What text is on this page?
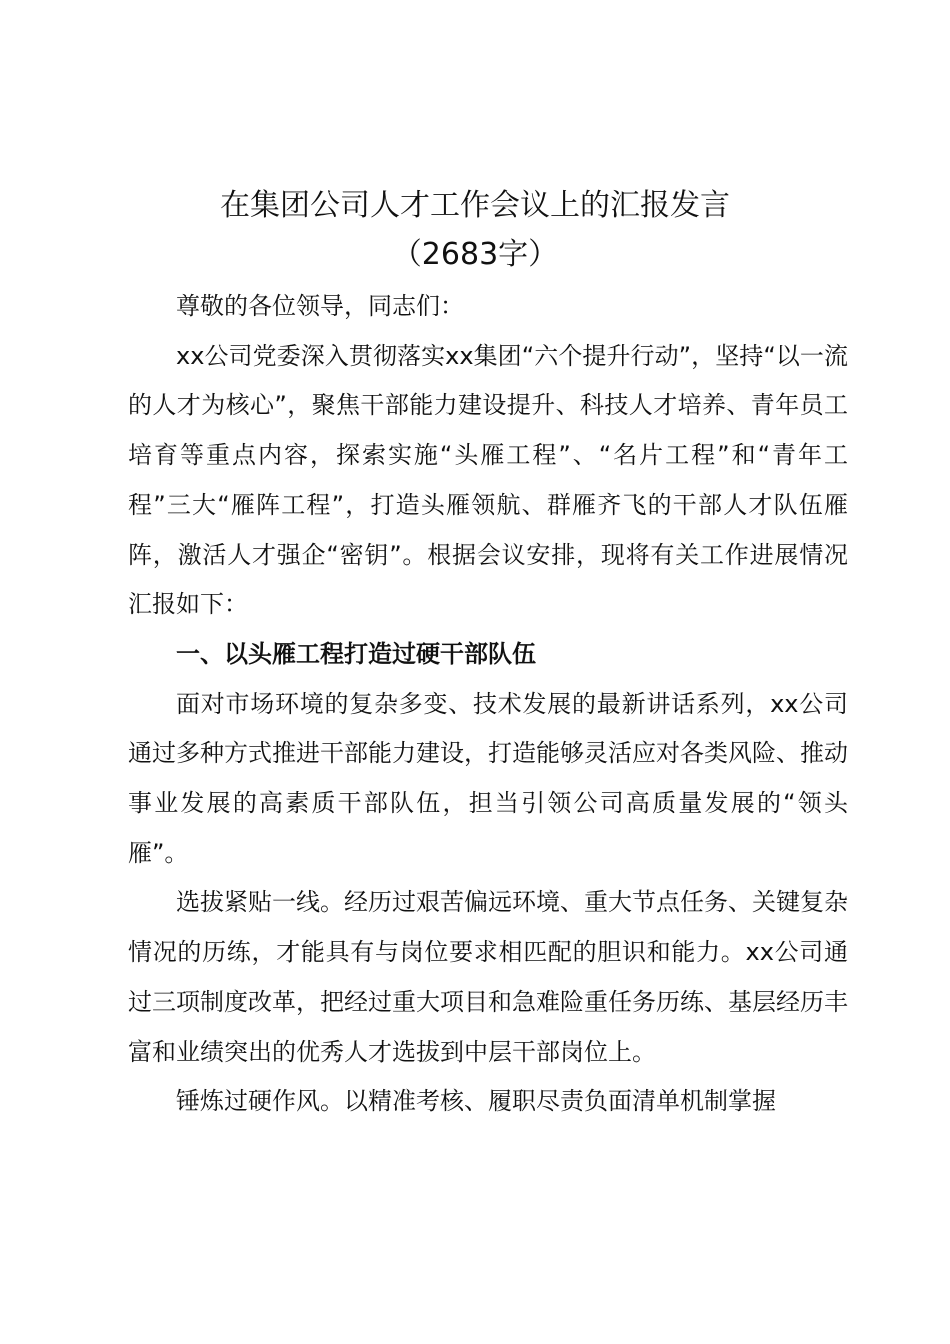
在集团公司人才工作会议上的汇报发言
（2683字）

尊敬的各位领导，同志们：

xx公司党委深入贯彻落实xx集团“六个提升行动”，坚持“以一流的人才为核心”，聚焦干部能力建设提升、科技人才培养、青年员工培育等重点内容，探索实施“头雁工程”、“名片工程”和“青年工程”三大“雁阵工程”，打造头雁领航、群雁齐飞的干部人才队伍雁阵，激活人才强企“密钥”。根据会议安排，现将有关工作进展情况汇报如下：

一、以头雁工程打造过硬干部队伍

面对市场环境的复杂多变、技术发展的最新讲话系列，xx公司通过多种方式推进干部能力建设，打造能够灵活应对各类风险、推动事业发展的高素质干部队伍，担当引领公司高质量发展的“领头雁”。

选拔紧贴一线。经历过艰苦偏远环境、重大节点任务、关键复杂情况的历练，才能具有与岗位要求相匹配的胆识和能力。xx公司通过三项制度改革，把经过重大项目和急难险重任务历练、基层经历丰富和业绩突出的优秀人才选拔到中层干部岗位上。

锤炼过硬作风。以精准考核、履职尽责负面清单机制掌握
